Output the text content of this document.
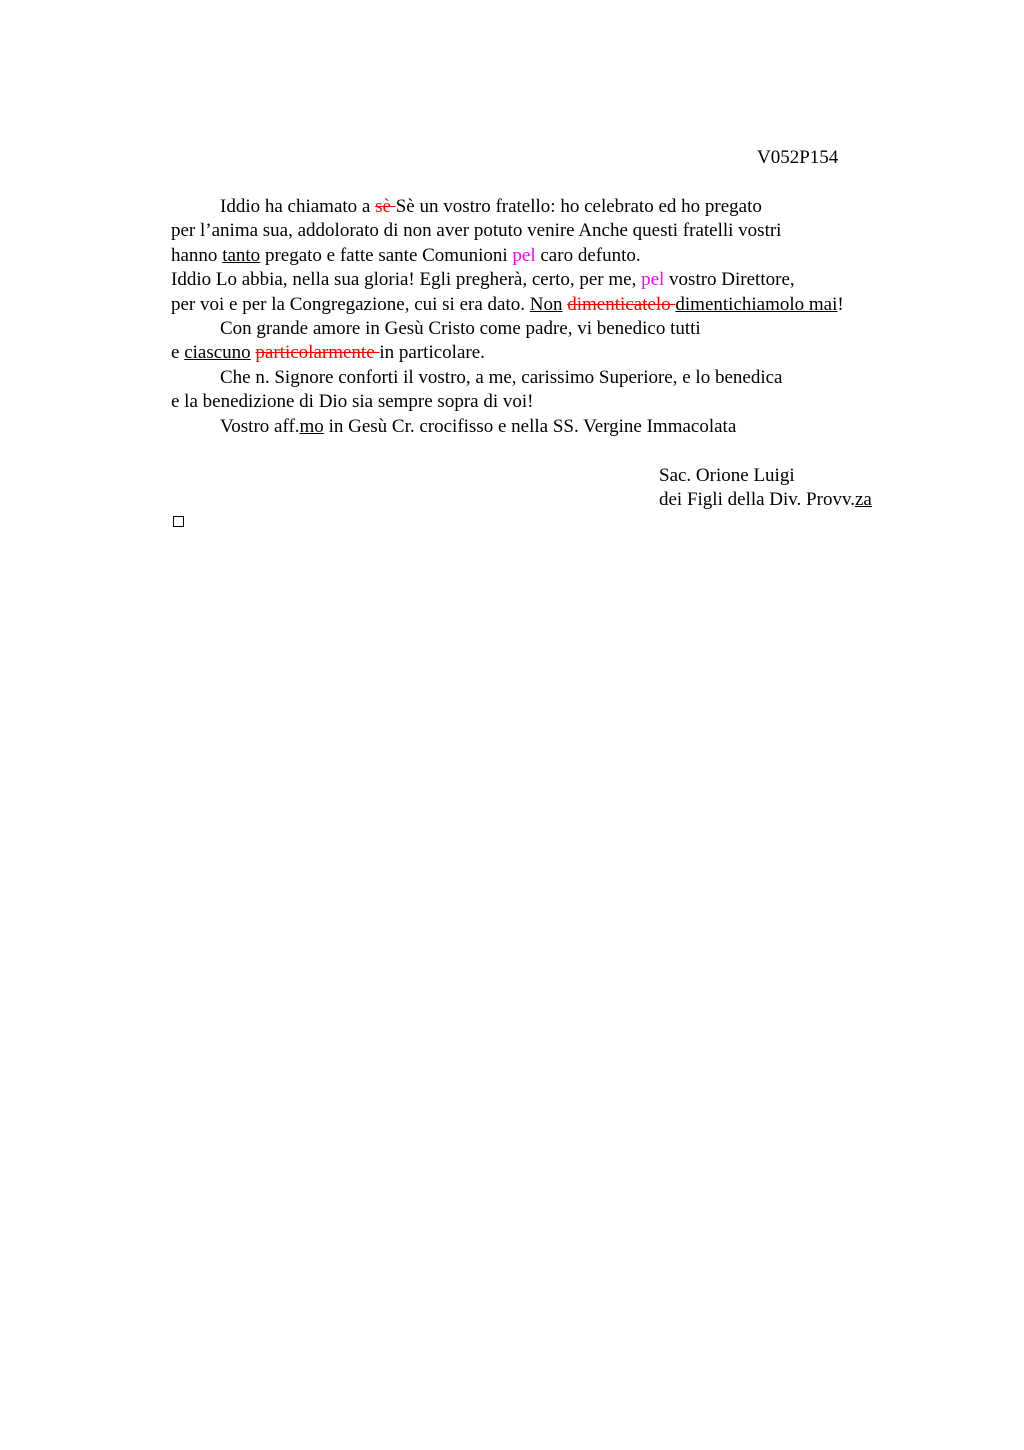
V052P154
Iddio ha chiamato a sè Sè un vostro fratello: ho celebrato ed ho pregato
per l’anima sua, addolorato di non aver potuto venire Anche questi fratelli vostri
hanno tanto pregato e fatte sante Comunioni pel caro defunto.
Iddio Lo abbia, nella sua gloria! Egli pregherà, certo, per me, pel vostro Direttore,
per voi e per la Congregazione, cui si era dato. Non dimenticatelo dimentichiamolo mai!
Con grande amore in Gesù Cristo come padre, vi benedico tutti
e ciascuno particolarmente in particolare.
Che n. Signore conforti il vostro, a me, carissimo Superiore, e lo benedica
e la benedizione di Dio sia sempre sopra di voi!
Vostro aff.mo in Gesù Cr. crocifisso e nella SS. Vergine Immacolata
Sac. Orione Luigi
dei Figli della Div. Provv.za
